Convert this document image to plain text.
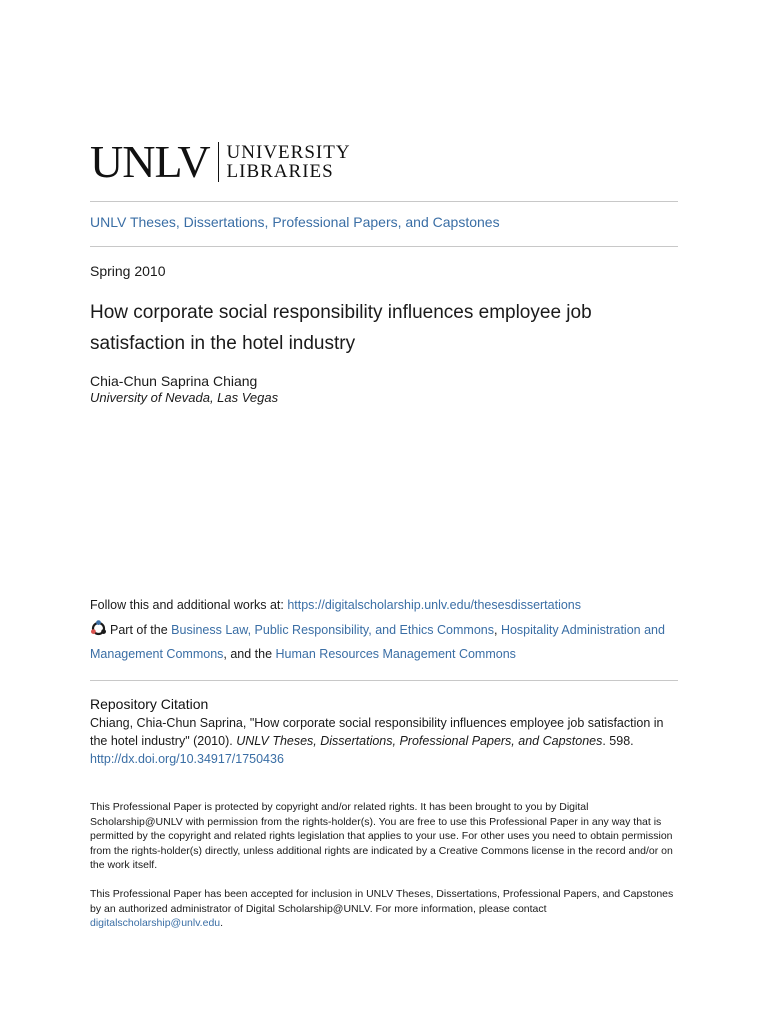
UNLV UNIVERSITY
LIBRARIES
UNLV Theses, Dissertations, Professional Papers, and Capstones
Spring 2010
How corporate social responsibility influences employee job satisfaction in the hotel industry
Chia-Chun Saprina Chiang
University of Nevada, Las Vegas
Follow this and additional works at: https://digitalscholarship.unlv.edu/thesesdissertations
Part of the Business Law, Public Responsibility, and Ethics Commons, Hospitality Administration and Management Commons, and the Human Resources Management Commons
Repository Citation
Chiang, Chia-Chun Saprina, "How corporate social responsibility influences employee job satisfaction in the hotel industry" (2010). UNLV Theses, Dissertations, Professional Papers, and Capstones. 598.
http://dx.doi.org/10.34917/1750436
This Professional Paper is protected by copyright and/or related rights. It has been brought to you by Digital Scholarship@UNLV with permission from the rights-holder(s). You are free to use this Professional Paper in any way that is permitted by the copyright and related rights legislation that applies to your use. For other uses you need to obtain permission from the rights-holder(s) directly, unless additional rights are indicated by a Creative Commons license in the record and/or on the work itself.
This Professional Paper has been accepted for inclusion in UNLV Theses, Dissertations, Professional Papers, and Capstones by an authorized administrator of Digital Scholarship@UNLV. For more information, please contact digitalscholarship@unlv.edu.
